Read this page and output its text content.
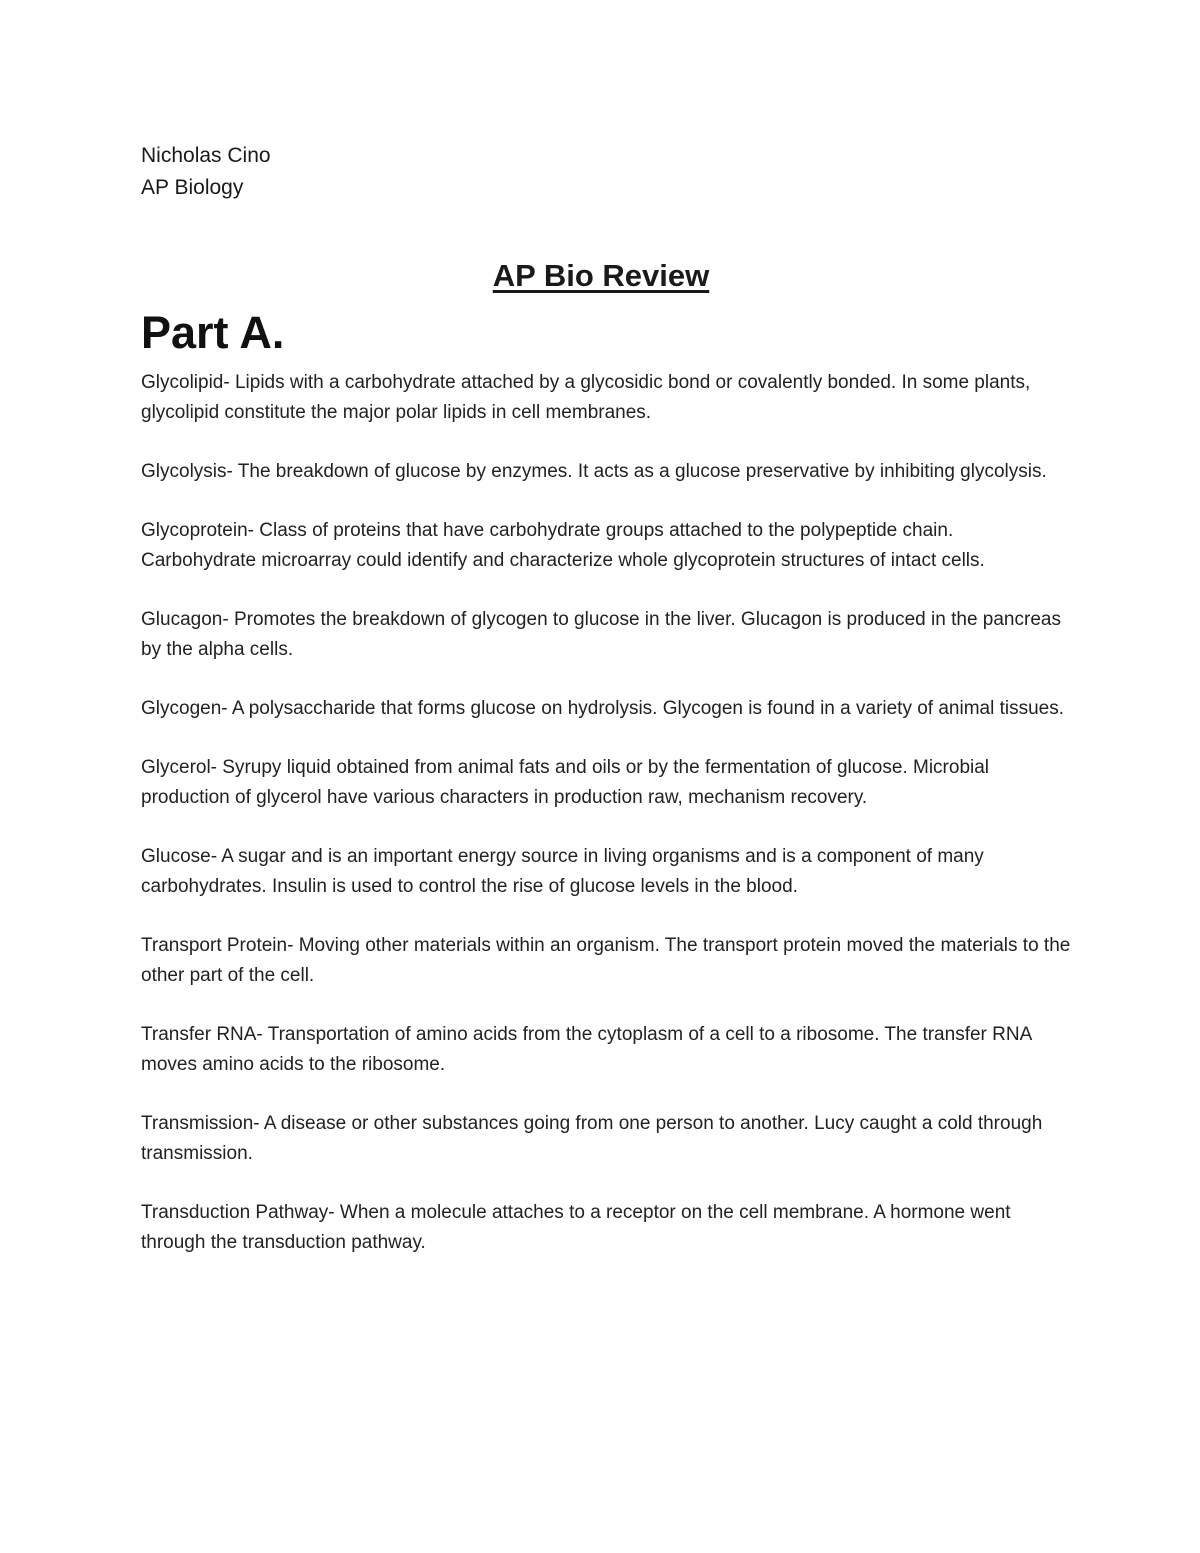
Nicholas Cino

AP Biology

AP Bio Review
Part A.

Glycolipid- Lipids with a carbohydrate attached by a glycosidic bond or covalently bonded. In some plants, glycolipid constitute the major polar lipids in cell membranes.

Glycolysis- The breakdown of glucose by enzymes. It acts as a glucose preservative by inhibiting glycolysis.

Glycoprotein- Class of proteins that have carbohydrate groups attached to the polypeptide chain. Carbohydrate microarray could identify and characterize whole glycoprotein structures of intact cells.

Glucagon- Promotes the breakdown of glycogen to glucose in the liver. Glucagon is produced in the pancreas by the alpha cells.

Glycogen- A polysaccharide that forms glucose on hydrolysis. Glycogen is found in a variety of animal tissues.

Glycerol- Syrupy liquid obtained from animal fats and oils or by the fermentation of glucose. Microbial production of glycerol have various characters in production raw, mechanism recovery.

Glucose- A sugar and is an important energy source in living organisms and is a component of many carbohydrates. Insulin is used to control the rise of glucose levels in the blood.

Transport Protein- Moving other materials within an organism. The transport protein moved the materials to the other part of the cell.

Transfer RNA- Transportation of amino acids from the cytoplasm of a cell to a ribosome. The transfer RNA moves amino acids to the ribosome.

Transmission- A disease or other substances going from one person to another. Lucy caught a cold through transmission.

Transduction Pathway- When a molecule attaches to a receptor on the cell membrane. A hormone went through the transduction pathway.
